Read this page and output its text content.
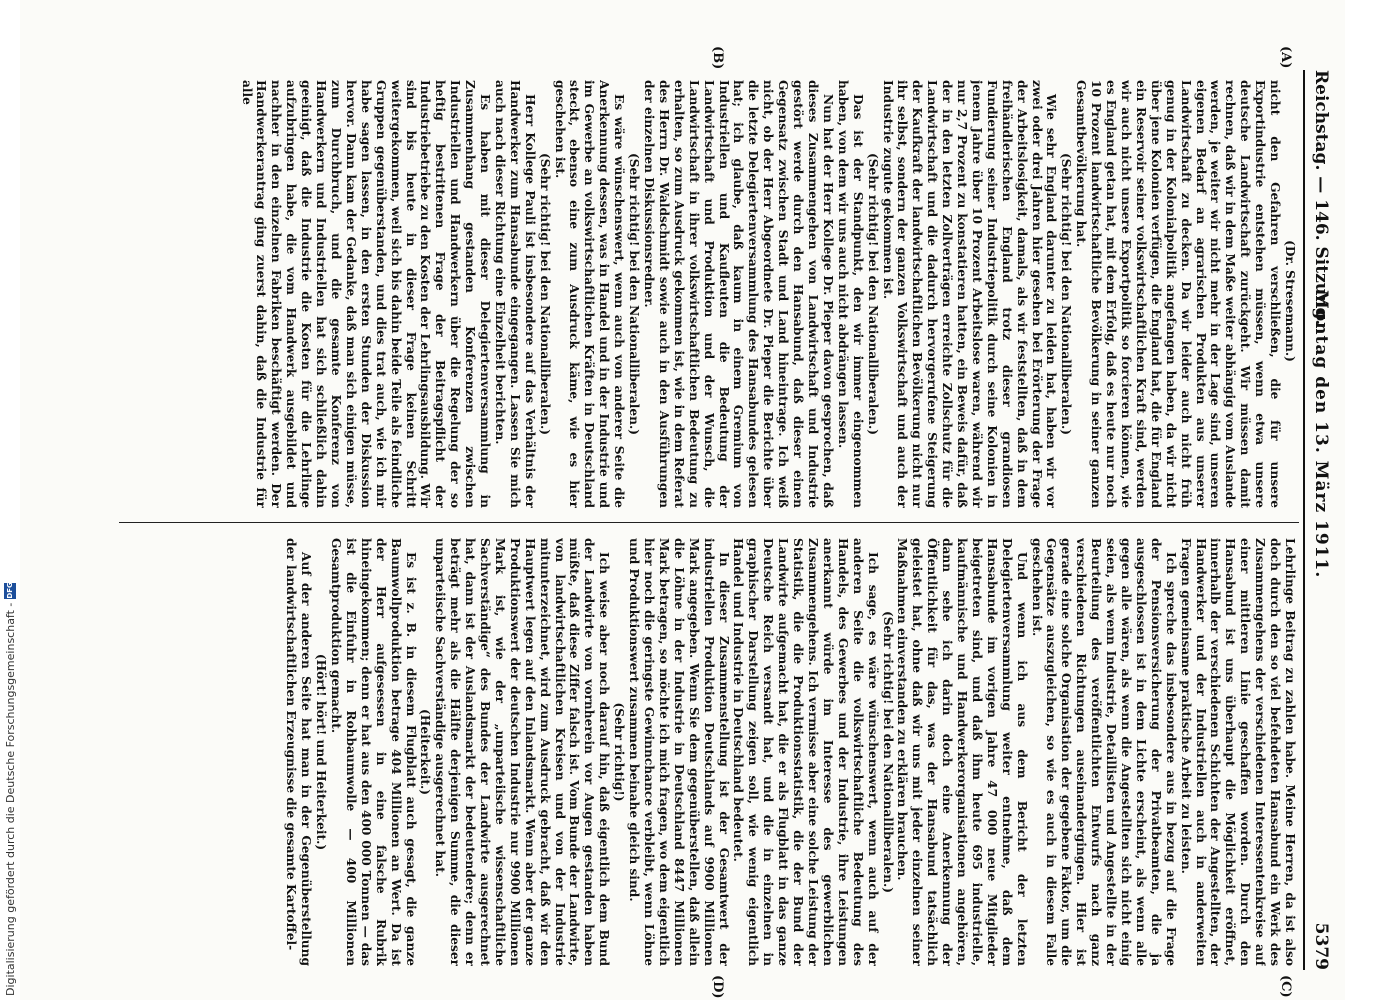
Reichstag. — 146. Sitzung.
Montag den 13. März 1911.
5379
(A)
(B)
(C)
(D)

(Dr. Stresemann.)

nicht den Gefahren verschließen, die für unsere Exportindustrie entstehen müssen, wenn etwa unsere deutsche Landwirtschaft zurückgeht. Wir müssen damit rechnen, daß wir in dem Maße weiter abhängig vom Auslande werden, je weiter wir nicht mehr in der Lage sind, unseren eigenen Bedarf an agrarischen Produkten aus unserer Landwirtschaft zu decken. Da wir leider auch nicht früh genug in der Kolonialpolitik angefangen haben, da wir nicht über jene Kolonien verfügen, die England hat, die für England ein Reservoir seiner volkswirtschaftlichen Kraft sind, werden wir auch nicht unsere Exportpolitik so forcieren können, wie es England getan hat, mit dem Erfolg, daß es heute nur noch 10 Prozent landwirtschaftliche Bevölkerung in seiner ganzen Gesamtbevölkerung hat.

(Sehr richtig! bei den Nationalliberalen.)

Wie sehr England darunter zu leiden hat, haben wir vor zwei oder drei Jahren hier gesehen bei Erörterung der Frage der Arbeitslosigkeit, damals, als wir feststellten, daß in dem freihändlerischen England trotz dieser grandiosen Fundierung seiner Industriepolitik durch seine Kolonien in jenem Jahre über 10 Prozent Arbeitslose waren, während wir nur 2,7 Prozent zu konstatieren hatten, ein Beweis dafür, daß der in den letzten Zollverträgen erreichte Zollschutz für die Landwirtschaft und die dadurch hervorgerufene Steigerung der Kaufkraft der landwirtschaftlichen Bevölkerung nicht nur ihr selbst, sondern der ganzen Volkswirtschaft und auch der Industrie zugute gekommen ist.

(Sehr richtig! bei den Nationalliberalen.)

Das ist der Standpunkt, den wir immer eingenommen haben, von dem wir uns auch nicht abdrängen lassen.

Nun hat der Herr Kollege Dr. Pieper davon gesprochen, daß dieses Zusammengehen von Landwirtschaft und Industrie gestört werde durch den Hansabund, daß dieser einen Gegensatz zwischen Stadt und Land hineintrage. Ich weiß nicht, ob der Herr Abgeordnete Dr. Pieper die Berichte über die letzte Delegiertenversammlung des Hansabundes gelesen hat; ich glaube, daß kaum in einem Gremium von Industriellen und Kaufleuten die Bedeutung der Landwirtschaft und Produktion und der Wunsch, die Landwirtschaft in ihrer volkswirtschaftlichen Bedeutung zu erhalten, so zum Ausdruck gekommen ist, wie in dem Referat des Herrn Dr. Waldschmidt sowie auch in den Ausführungen der einzelnen Diskussionsredner.

(Sehr richtig! bei den Nationalliberalen.)

Es wäre wünschenswert, wenn auch von anderer Seite die Anerkennung dessen, was in Handel und in der Industrie und im Gewerbe an volkswirtschaftlichen Kräften in Deutschland steckt, ebenso eine zum Ausdruck käme, wie es hier geschehen ist.

(Sehr richtig! bei den Nationalliberalen.)

Herr Kollege Pauli ist insbesondere auf das Verhältnis der Handwerker zum Hansabunde eingegangen. Lassen Sie mich auch nach dieser Richtung eine Einzelheit berichten.

Es haben mit dieser Delegiertenversammlung in Zusammenhang gestanden Konferenzen zwischen Industriellen und Handwerkern über die Regelung der so heftig bestrittenen Frage der Beitragspflicht der Industriebetriebe zu den Kosten der Lehrlingsausbildung. Wir sind bis heute in dieser Frage keinen Schritt weitergekommen, weil sich bis dahin beide Teile als feindliche Gruppen gegenüberstanden, und dies trat auch, wie ich mir habe sagen lassen, in den ersten Stunden der Diskussion hervor. Dann kam der Gedanke, daß man sich einigen müsse, zum Durchbruch, und die gesamte Konferenz von Handwerkern und Industriellen hat sich schließlich dahin geeinigt, daß die Industrie die Kosten für die Lehrlinge aufzubringen habe, die vom Handwerk ausgebildet und nachher in den einzelnen Fabriken beschäftigt werden. Der Handwerkerantrag ging zuerst dahin, daß die Industrie für alle

Lehrlinge Beitrag zu zahlen habe. Meine Herren, da ist also doch durch den so viel befehdeten Hansabund ein Werk des Zusammengehens der verschiedenen Interessentenkreise auf einer mittleren Linie geschaffen worden. Durch den Hansabund ist uns überhaupt die Möglichkeit eröffnet, innerhalb der verschiedenen Schichten der Angestellten, der Handwerker und der Industriellen auch in anderweiten Fragen gemeinsame praktische Arbeit zu leisten.

Ich spreche das insbesondere aus in bezug auf die Frage der Pensionsversicherung der Privatbeamten, die ja ausgeschlossen ist in dem Lichte erscheint, als wenn alle gegen alle wären, als wenn die Angestellten sich nicht einig seien, als wenn Industrie, Detaillisten und Angestellte in der Beurteilung des veröffentlichten Entwurfs nach ganz verschiedenen Richtungen auseinandergingen. Hier ist gerade eine solche Organisation der gegebene Faktor, um die Gegensätze auszugleichen, so wie es auch in diesem Falle geschehen ist.

Und wenn ich aus dem Bericht der letzten Delegiertenversammlung weiter entnehme, daß dem Hansabunde im vorigen Jahre 47 000 neue Mitglieder beigetreten sind, und daß ihm heute 695 industrielle, kaufmännische und Handwerkerorganisationen angehören, dann sehe ich darin doch eine Anerkennung der Öffentlichkeit für das, was der Hansabund tatsächlich geleistet hat, ohne daß wir uns mit jeder einzelnen seiner Maßnahmen einverstanden zu erklären brauchen.

(Sehr richtig! bei den Nationalliberalen.)

Ich sage, es wäre wünschenswert, wenn auch auf der anderen Seite die volkswirtschaftliche Bedeutung des Handels, des Gewerbes und der Industrie, ihre Leistungen anerkannt würde im Interesse des gewerblichen Zusammengehens. Ich vermisse aber eine solche Leistung der Statistik, die die Produktionsstatistik, die der Bund der Landwirte aufgemacht hat, die er als Flugblatt in das ganze Deutsche Reich versandt hat, und die in einzelnen in graphischer Darstellung zeigen soll, wie wenig eigentlich Handel und Industrie in Deutschland bedeutet.

In dieser Zusammenstellung ist der Gesamtwert der industriellen Produktion Deutschlands auf 9900 Millionen Mark angegeben. Wenn Sie dem gegenüberstellen, daß allein die Löhne in der Industrie in Deutschland 8447 Millionen Mark betragen, so möchte ich mich fragen, wo dem eigentlich hier noch die geringste Gewinnchance verbleibt, wenn Löhne und Produktionswert zusammen beinahe gleich sind.

(Sehr richtig!)

Ich weise aber noch darauf hin, daß eigentlich dem Bund der Landwirte von vornherein vor Augen gestanden haben müßte, daß diese Ziffer falsch ist. Vom Bunde der Landwirte, von landwirtschaftlichen Kreisen und von der Industrie mitunterzeichnet, wird zum Ausdruck gebracht, daß wir den Hauptwert legen auf den Inlandsmarkt. Wenn aber der ganze Produktionswert der deutschen Industrie nur 9900 Millionen Mark ist, wie der „unparteiische wissenschaftliche Sachverständige“ des Bundes der Landwirte ausgerechnet hat, dann ist der Auslandsmarkt der bedeutendere; denn er beträgt mehr als die Hälfte derjenigen Summe, die dieser unparteiische Sachverständige ausgerechnet hat.

(Heiterkeit.)

Es ist z. B. in diesem Flugblatt auch gesagt, die ganze Baumwollproduktion betrage 404 Millionen an Wert. Da ist der Herr aufgesessen in eine falsche Rubrik hineingekommen; denn er hat aus den 400 000 Tonnen — das ist die Einfuhr in Rohbaumwolle — 400 Millionen Gesamtproduktion gemacht.

(Hört! hört! und Heiterkeit.)

Auf der anderen Seite hat man in der Gegenüberstellung der landwirtschaftlichen Erzeugnisse die gesamte Kartoffel-

Digitalisierung gefördert durch die Deutsche Forschungsgemeinschaft -
DFG
